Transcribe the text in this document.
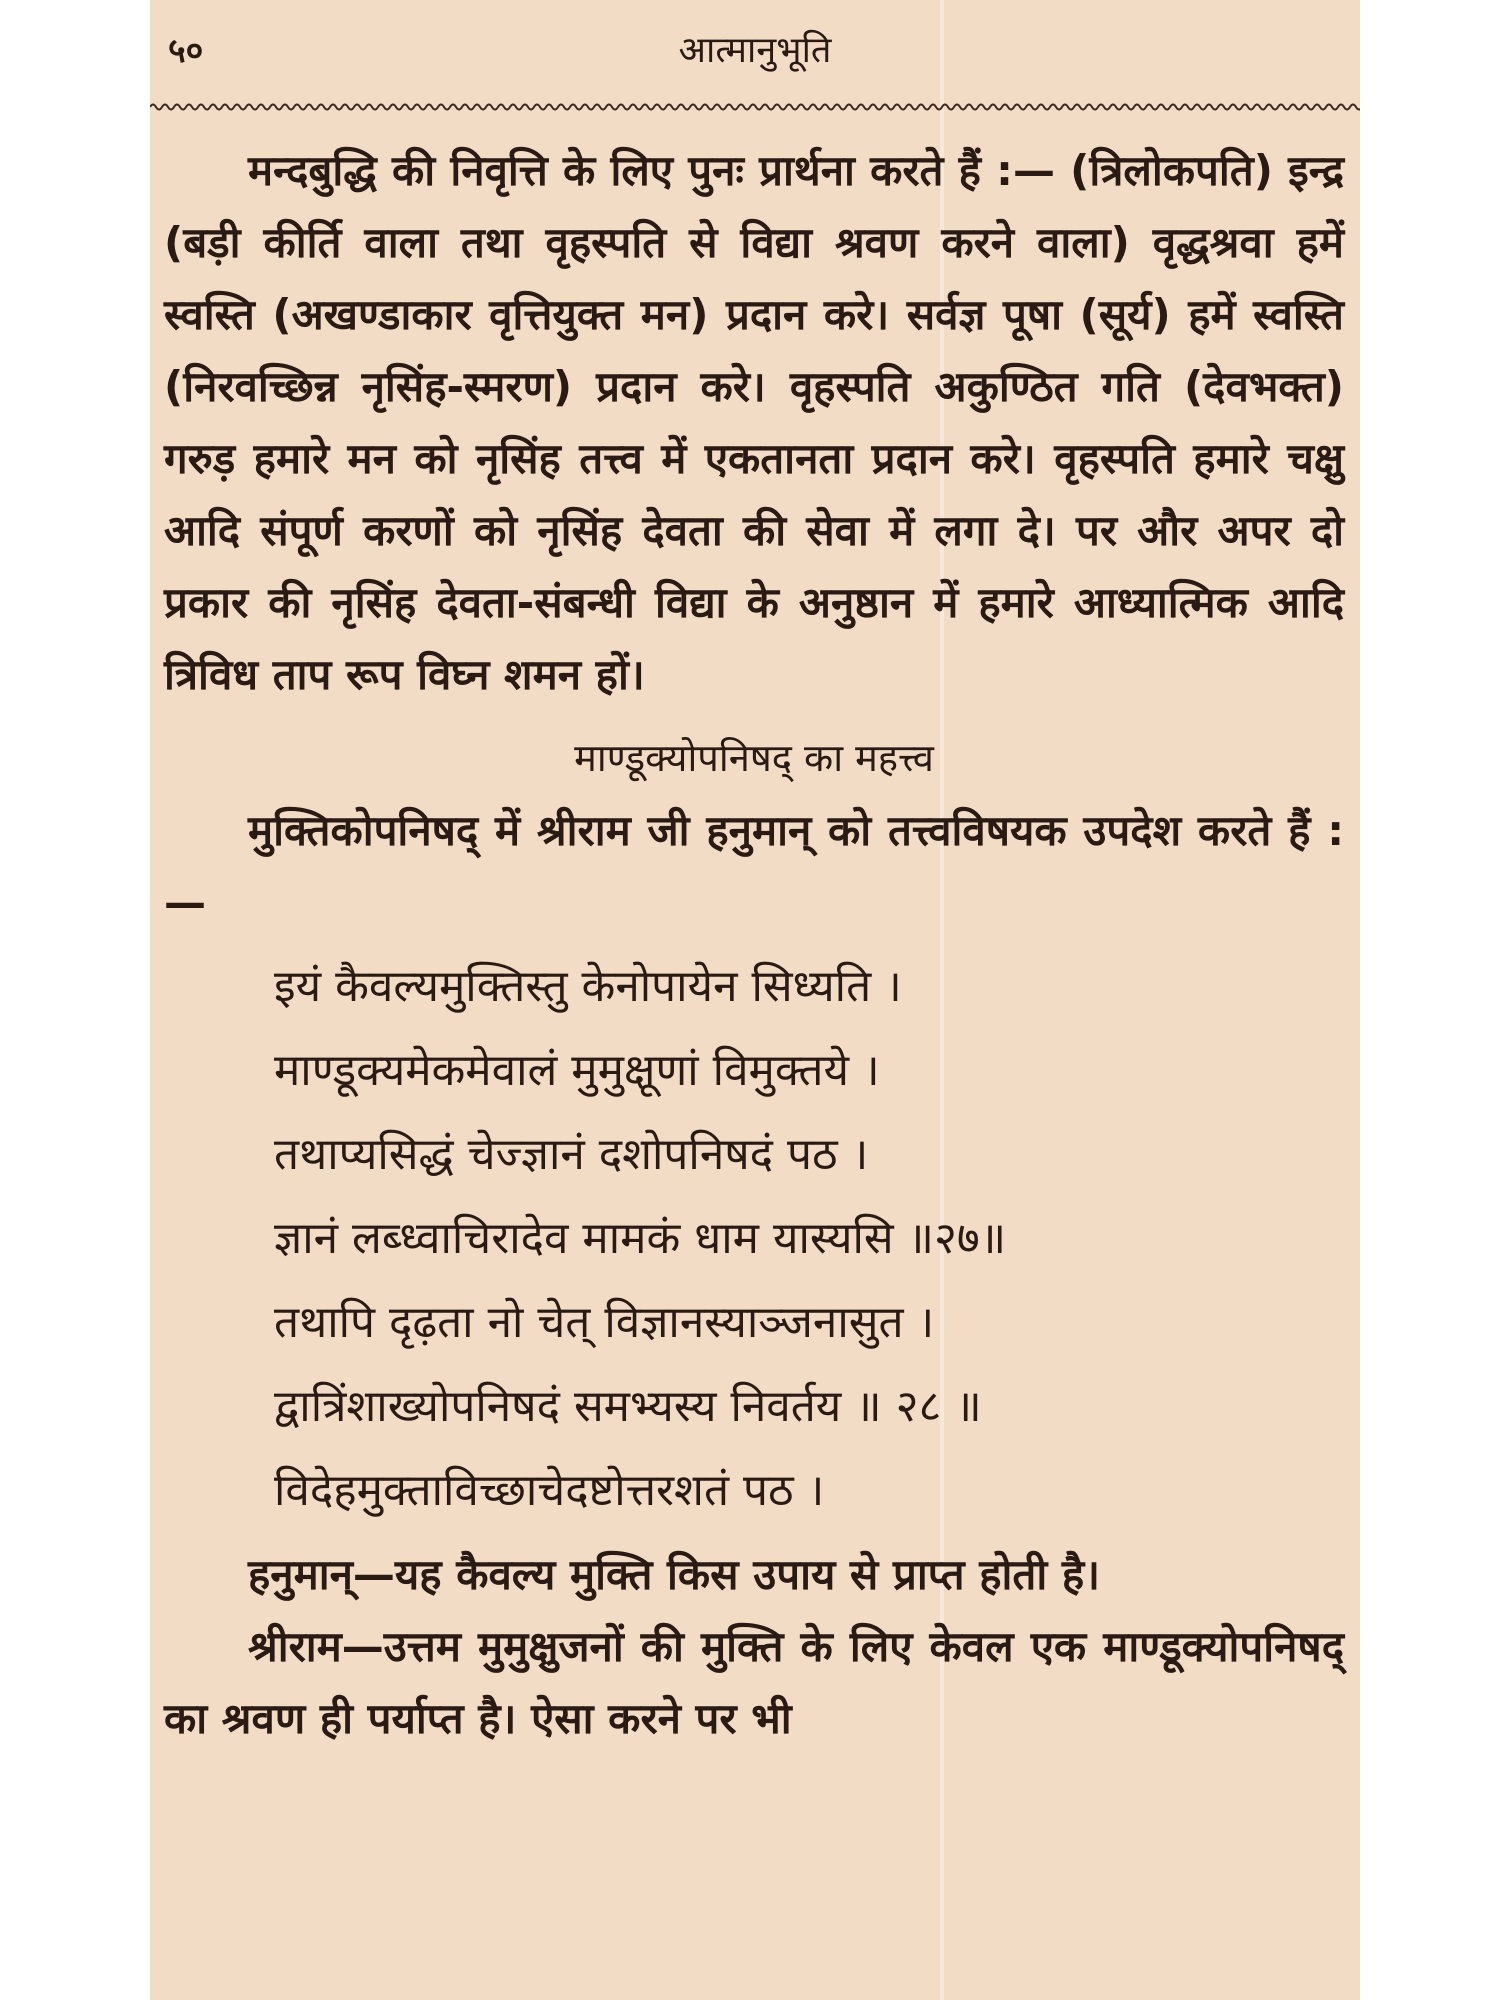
५०	आत्मानुभूति

मन्दबुद्धि की निवृत्ति के लिए पुनः प्रार्थना करते हैं :— (त्रिलोकपति) इन्द्र (बड़ी कीर्ति वाला तथा वृहस्पति से विद्या श्रवण करने वाला) वृद्धश्रवा हमें स्वस्ति (अखण्डाकार वृत्तियुक्त मन) प्रदान करे। सर्वज्ञ पूषा (सूर्य) हमें स्वस्ति (निरवच्छिन्न नृसिंह-स्मरण) प्रदान करे। वृहस्पति अकुण्ठित गति (देवभक्त) गरुड़ हमारे मन को नृसिंह तत्त्व में एकतानता प्रदान करे। वृहस्पति हमारे चक्षु आदि संपूर्ण करणों को नृसिंह देवता की सेवा में लगा दे। पर और अपर दो प्रकार की नृसिंह देवता-संबन्धी विद्या के अनुष्ठान में हमारे आध्यात्मिक आदि त्रिविध ताप रूप विघ्न शमन हों।

माण्डूक्योपनिषद् का महत्त्व

मुक्तिकोपनिषद् में श्रीराम जी हनुमान् को तत्त्वविषयक उपदेश करते हैं :—

इयं कैवल्यमुक्तिस्तु केनोपायेन सिध्यति ।
माण्डूक्यमेकमेवालं मुमुक्षूणां विमुक्तये ।
तथाप्यसिद्धं चेज्ज्ञानं दशोपनिषदं पठ ।
ज्ञानं लब्ध्वाचिरादेव मामकं धाम यास्यसि ॥२७॥
तथापि दृढ़ता नो चेत् विज्ञानस्याञ्जनासुत ।
द्वात्रिंशाख्योपनिषदं समभ्यस्य निवर्तय ॥ २८ ॥
विदेहमुक्ताविच्छाचेदष्टोत्तरशतं पठ ।

हनुमान्—यह कैवल्य मुक्ति किस उपाय से प्राप्त होती है।

श्रीराम—उत्तम मुमुक्षुजनों की मुक्ति के लिए केवल एक माण्डूक्योपनिषद् का श्रवण ही पर्याप्त है। ऐसा करने पर भी
